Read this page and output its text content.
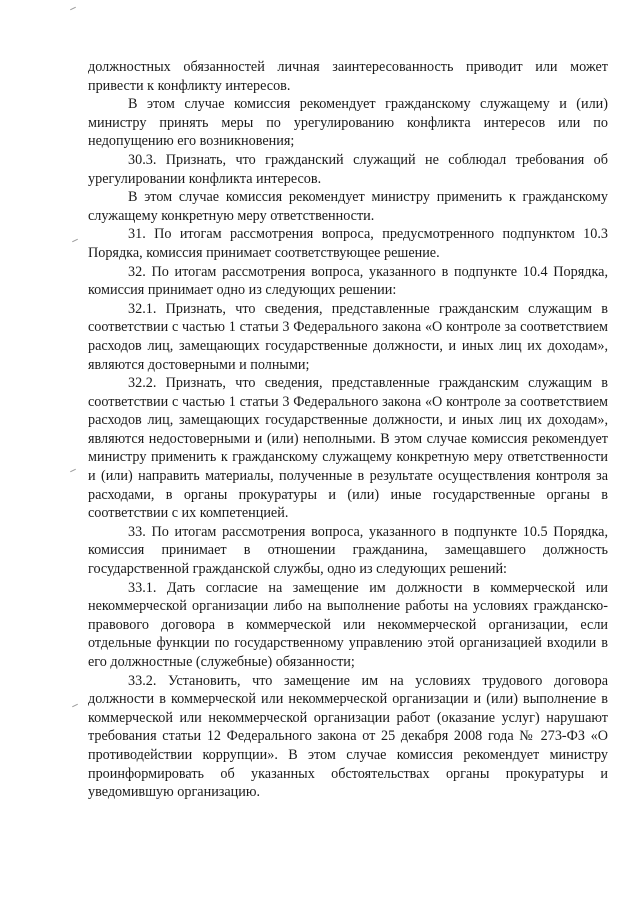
должностных обязанностей личная заинтересованность приводит или может привести к конфликту интересов.

В этом случае комиссия рекомендует гражданскому служащему и (или) министру принять меры по урегулированию конфликта интересов или по недопущению его возникновения;

30.3. Признать, что гражданский служащий не соблюдал требования об урегулировании конфликта интересов.

В этом случае комиссия рекомендует министру применить к гражданскому служащему конкретную меру ответственности.

31. По итогам рассмотрения вопроса, предусмотренного подпунктом 10.3 Порядка, комиссия принимает соответствующее решение.

32. По итогам рассмотрения вопроса, указанного в подпункте 10.4 Порядка, комиссия принимает одно из следующих решении:

32.1. Признать, что сведения, представленные гражданским служащим в соответствии с частью 1 статьи 3 Федерального закона «О контроле за соответствием расходов лиц, замещающих государственные должности, и иных лиц их доходам», являются достоверными и полными;

32.2. Признать, что сведения, представленные гражданским служащим в соответствии с частью 1 статьи 3 Федерального закона «О контроле за соответствием расходов лиц, замещающих государственные должности, и иных лиц их доходам», являются недостоверными и (или) неполными. В этом случае комиссия рекомендует министру применить к гражданскому служащему конкретную меру ответственности и (или) направить материалы, полученные в результате осуществления контроля за расходами, в органы прокуратуры и (или) иные государственные органы в соответствии с их компетенцией.

33. По итогам рассмотрения вопроса, указанного в подпункте 10.5 Порядка, комиссия принимает в отношении гражданина, замещавшего должность государственной гражданской службы, одно из следующих решений:

33.1. Дать согласие на замещение им должности в коммерческой или некоммерческой организации либо на выполнение работы на условиях гражданско-правового договора в коммерческой или некоммерческой организации, если отдельные функции по государственному управлению этой организацией входили в его должностные (служебные) обязанности;

33.2. Установить, что замещение им на условиях трудового договора должности в коммерческой или некоммерческой организации и (или) выполнение в коммерческой или некоммерческой организации работ (оказание услуг) нарушают требования статьи 12 Федерального закона от 25 декабря 2008 года № 273-ФЗ «О противодействии коррупции». В этом случае комиссия рекомендует министру проинформировать об указанных обстоятельствах органы прокуратуры и уведомившую организацию.
